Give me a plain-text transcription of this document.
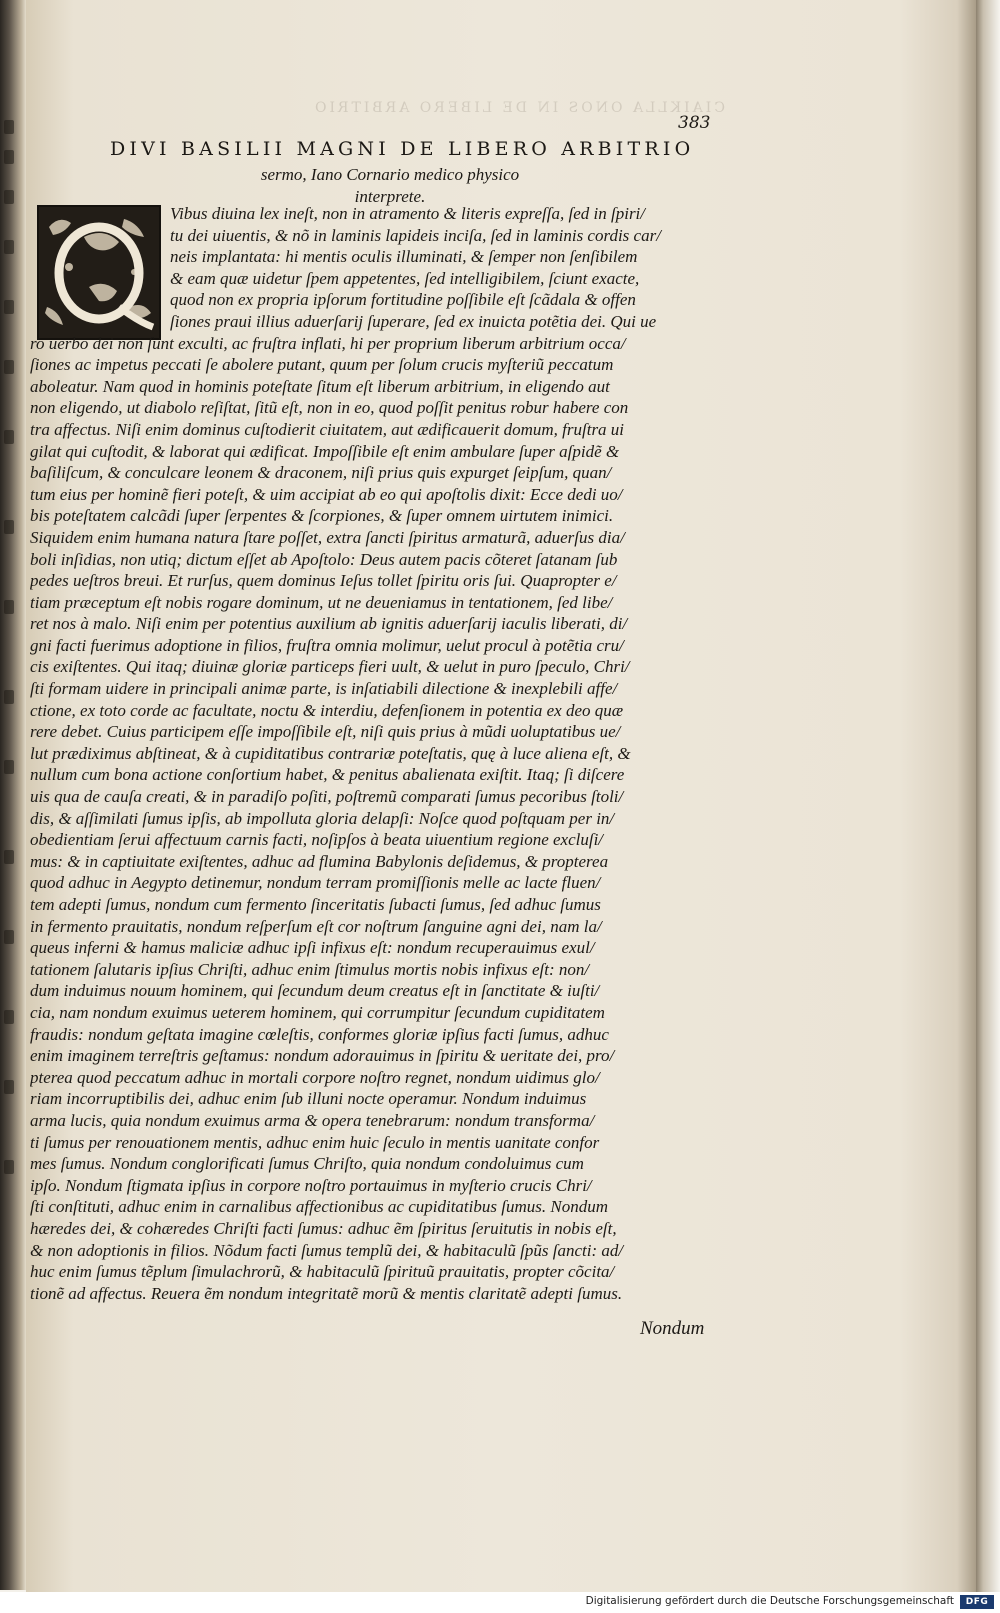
CIAIKLLA ONOS IN DE LIBERO ARBITRIO
383
DIVI BASILII MAGNI DE LIBERO ARBITRIO
sermo, Iano Cornario medico physico
interprete.
Vibus diuina lex ineſt, non in atramento & literis expreſſa, ſed in ſpiri/
tu dei uiuentis, & nõ in laminis lapideis inciſa, ſed in laminis cordis car/
neis implantata: hi mentis oculis illuminati, & ſemper non ſenſibilem
& eam quæ uidetur ſpem appetentes, ſed intelligibilem, ſciunt exacte,
quod non ex propria ipſorum fortitudine poſſibile eſt ſcãdala & offen
ſiones praui illius aduerſarij ſuperare, ſed ex inuicta potẽtia dei. Qui ue
ro uerbo dei non ſunt exculti, ac fruſtra inflati, hi per proprium liberum arbitrium occa/
ſiones ac impetus peccati ſe abolere putant, quum per ſolum crucis myſteriũ peccatum
aboleatur. Nam quod in hominis poteſtate ſitum eſt liberum arbitrium, in eligendo aut
non eligendo, ut diabolo reſiſtat, ſitũ eſt, non in eo, quod poſſit penitus robur habere con
tra affectus. Niſi enim dominus cuſtodierit ciuitatem, aut ædificauerit domum, fruſtra ui
gilat qui cuſtodit, & laborat qui ædificat. Impoſſibile eſt enim ambulare ſuper aſpidẽ &
baſiliſcum, & conculcare leonem & draconem, niſi prius quis expurget ſeipſum, quan/
tum eius per hominẽ fieri poteſt, & uim accipiat ab eo qui apoſtolis dixit: Ecce dedi uo/
bis poteſtatem calcãdi ſuper ſerpentes & ſcorpiones, & ſuper omnem uirtutem inimici.
Siquidem enim humana natura ſtare poſſet, extra ſancti ſpiritus armaturã, aduerſus dia/
boli inſidias, non utiq; dictum eſſet ab Apoſtolo: Deus autem pacis cõteret ſatanam ſub
pedes ueſtros breui. Et rurſus, quem dominus Ieſus tollet ſpiritu oris ſui. Quapropter e/
tiam præceptum eſt nobis rogare dominum, ut ne deueniamus in tentationem, ſed libe/
ret nos à malo. Niſi enim per potentius auxilium ab ignitis aduerſarij iaculis liberati, di/
gni facti fuerimus adoptione in filios, fruſtra omnia molimur, uelut procul à potẽtia cru/
cis exiſtentes. Qui itaq; diuinæ gloriæ particeps fieri uult, & uelut in puro ſpeculo, Chri/
ſti formam uidere in principali animæ parte, is inſatiabili dilectione & inexplebili affe/
ctione, ex toto corde ac facultate, noctu & interdiu, defenſionem in potentia ex deo quæ
rere debet. Cuius participem eſſe impoſſibile eſt, niſi quis prius à mũdi uoluptatibus ue/
lut prædiximus abſtineat, & à cupiditatibus contrariæ poteſtatis, quę à luce aliena eſt, &
nullum cum bona actione conſortium habet, & penitus abalienata exiſtit. Itaq; ſi diſcere
uis qua de cauſa creati, & in paradiſo poſiti, poſtremũ comparati ſumus pecoribus ſtoli/
dis, & aſſimilati ſumus ipſis, ab impolluta gloria delapſi: Noſce quod poſtquam per in/
obedientiam ſerui affectuum carnis facti, noſipſos à beata uiuentium regione excluſi/
mus: & in captiuitate exiſtentes, adhuc ad flumina Babylonis deſidemus, & propterea
quod adhuc in Aegypto detinemur, nondum terram promiſſionis melle ac lacte fluen/
tem adepti ſumus, nondum cum fermento ſinceritatis ſubacti ſumus, ſed adhuc ſumus
in fermento prauitatis, nondum reſperſum eſt cor noſtrum ſanguine agni dei, nam la/
queus inferni & hamus maliciæ adhuc ipſi infixus eſt: nondum recuperauimus exul/
tationem ſalutaris ipſius Chriſti, adhuc enim ſtimulus mortis nobis infixus eſt: non/
dum induimus nouum hominem, qui ſecundum deum creatus eſt in ſanctitate & iuſti/
cia, nam nondum exuimus ueterem hominem, qui corrumpitur ſecundum cupiditatem
fraudis: nondum geſtata imagine cœleſtis, conformes gloriæ ipſius facti ſumus, adhuc
enim imaginem terreſtris geſtamus: nondum adorauimus in ſpiritu & ueritate dei, pro/
pterea quod peccatum adhuc in mortali corpore noſtro regnet, nondum uidimus glo/
riam incorruptibilis dei, adhuc enim ſub illuni nocte operamur. Nondum induimus
arma lucis, quia nondum exuimus arma & opera tenebrarum: nondum transforma/
ti ſumus per renouationem mentis, adhuc enim huic ſeculo in mentis uanitate confor
mes ſumus. Nondum conglorificati ſumus Chriſto, quia nondum condoluimus cum
ipſo. Nondum ſtigmata ipſius in corpore noſtro portauimus in myſterio crucis Chri/
ſti conſtituti, adhuc enim in carnalibus affectionibus ac cupiditatibus ſumus. Nondum
hæredes dei, & cohæredes Chriſti facti ſumus: adhuc ẽm ſpiritus ſeruitutis in nobis eſt,
& non adoptionis in filios. Nõdum facti ſumus templũ dei, & habitaculũ ſpũs ſancti: ad/
huc enim ſumus tẽplum ſimulachrorũ, & habitaculũ ſpirituũ prauitatis, propter cõcita/
tionẽ ad affectus. Reuera ẽm nondum integritatẽ morũ & mentis claritatẽ adepti ſumus.
Nondum
Digitalisierung gefördert durch die Deutsche Forschungsgemeinschaft	DFG
